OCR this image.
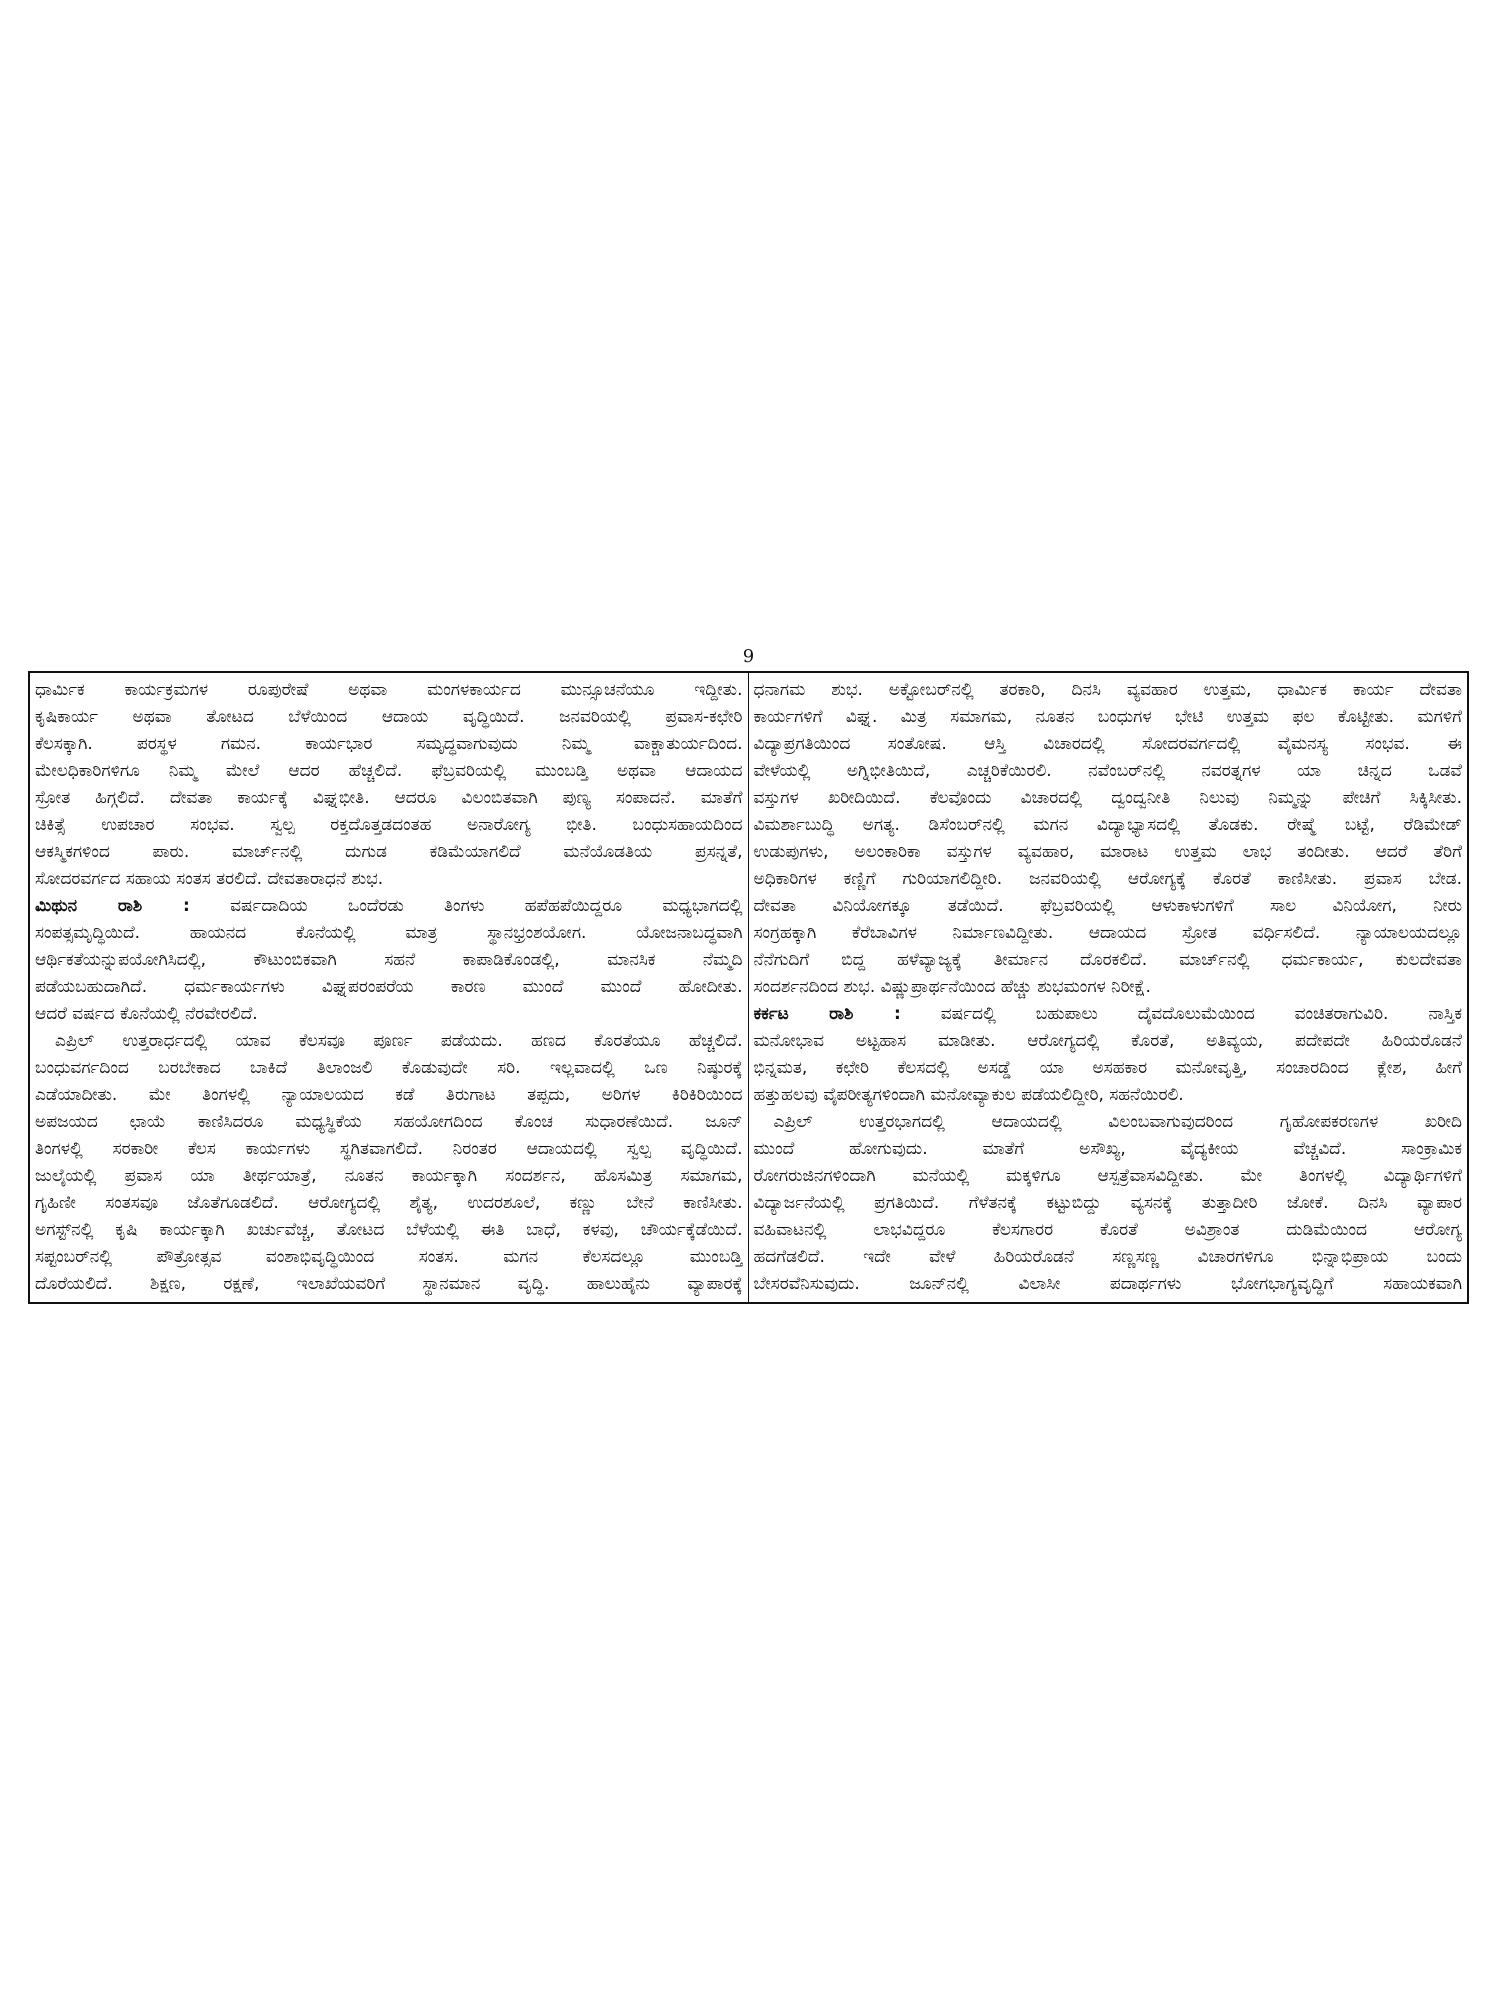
9
ಧಾರ್ಮಿಕ ಕಾರ್ಯಕ್ರಮಗಳ ರೂಪುರೇಷೆ ಅಥವಾ ಮಂಗಳಕಾರ್ಯದ ಮುನ್ಸೂಚನೆಯೂ ಇದ್ದೀತು.
ಕೃಷಿಕಾರ್ಯ ಅಥವಾ ತೋಟದ ಬೆಳೆಯಿಂದ ಆದಾಯ ವೃದ್ಧಿಯಿದೆ. ಜನವರಿಯಲ್ಲಿ ಪ್ರವಾಸ-ಕಛೇರಿ
ಕೆಲಸಕ್ಕಾಗಿ. ಪರಸ್ಥಳ ಗಮನ. ಕಾರ್ಯಭಾರ ಸಮೃದ್ಧವಾಗುವುದು ನಿಮ್ಮ ವಾಕ್ಚಾತುರ್ಯದಿಂದ.
ಮೇಲಧಿಕಾರಿಗಳಿಗೂ ನಿಮ್ಮ ಮೇಲೆ ಆದರ ಹೆಚ್ಚಲಿದೆ. ಫೆಬ್ರವರಿಯಲ್ಲಿ ಮುಂಬಡ್ತಿ ಅಥವಾ ಆದಾಯದ
ಸ್ರೋತ ಹಿಗ್ಗಲಿದೆ. ದೇವತಾ ಕಾರ್ಯಕ್ಕೆ ವಿಘ್ನಭೀತಿ. ಆದರೂ ವಿಲಂಬಿತವಾಗಿ ಪುಣ್ಯ ಸಂಪಾದನೆ. ಮಾತೆಗೆ
ಚಿಕಿತ್ಸೆ ಉಪಚಾರ ಸಂಭವ. ಸ್ವಲ್ಪ ರಕ್ತದೊತ್ತಡದಂತಹ ಅನಾರೋಗ್ಯ ಭೀತಿ. ಬಂಧುಸಹಾಯದಿಂದ
ಆಕಸ್ಮಿಕಗಳಿಂದ ಪಾರು. ಮಾರ್ಚ್‌ನಲ್ಲಿ ದುಗುಡ ಕಡಿಮೆಯಾಗಲಿದೆ ಮನೆಯೊಡತಿಯ ಪ್ರಸನ್ನತೆ,
ಸೋದರವರ್ಗದ ಸಹಾಯ ಸಂತಸ ತರಲಿದೆ. ದೇವತಾರಾಧನೆ ಶುಭ.
ಮಿಥುನ ರಾಶಿ : ವರ್ಷದಾದಿಯ ಒಂದೆರಡು ತಿಂಗಳು ಹಪೆಹಪೆಯಿದ್ದರೂ ಮಧ್ಯಭಾಗದಲ್ಲಿ
ಸಂಪತ್ಸಮೃದ್ಧಿಯಿದೆ. ಹಾಯನದ ಕೊನೆಯಲ್ಲಿ ಮಾತ್ರ ಸ್ಥಾನಭ್ರಂಶಯೋಗ. ಯೋಜನಾಬದ್ಧವಾಗಿ
ಆರ್ಥಿಕತೆಯನ್ನುಪಯೋಗಿಸಿದಲ್ಲಿ, ಕೌಟುಂಬಿಕವಾಗಿ ಸಹನೆ ಕಾಪಾಡಿಕೊಂಡಲ್ಲಿ, ಮಾನಸಿಕ ನೆಮ್ಮದಿ
ಪಡೆಯಬಹುದಾಗಿದೆ. ಧರ್ಮಕಾರ್ಯಗಳು ವಿಘ್ನಪರಂಪರೆಯ ಕಾರಣ ಮುಂದೆ ಮುಂದೆ ಹೋದೀತು.
ಆದರೆ ವರ್ಷದ ಕೊನೆಯಲ್ಲಿ ನೆರವೇರಲಿದೆ.
ಎಪ್ರಿಲ್ ಉತ್ತರಾರ್ಧದಲ್ಲಿ ಯಾವ ಕೆಲಸವೂ ಪೂರ್ಣ ಪಡೆಯದು. ಹಣದ ಕೊರತೆಯೂ ಹೆಚ್ಚಲಿದೆ.
ಬಂಧುವರ್ಗದಿಂದ ಬರಬೇಕಾದ ಬಾಕಿದೆ ತಿಲಾಂಜಲಿ ಕೊಡುವುದೇ ಸರಿ. ಇಲ್ಲವಾದಲ್ಲಿ ಒಣ ನಿಷ್ಠುರಕ್ಕೆ
ಎಡೆಯಾದೀತು. ಮೇ ತಿಂಗಳಲ್ಲಿ ನ್ಯಾಯಾಲಯದ ಕಡೆ ತಿರುಗಾಟ ತಪ್ಪದು, ಅರಿಗಳ ಕಿರಿಕಿರಿಯಿಂದ
ಅಪಜಯದ ಛಾಯೆ ಕಾಣಿಸಿದರೂ ಮಧ್ಯಸ್ಥಿಕೆಯ ಸಹಯೋಗದಿಂದ ಕೊಂಚ ಸುಧಾರಣೆಯಿದೆ. ಜೂನ್
ತಿಂಗಳಲ್ಲಿ ಸರಕಾರೀ ಕೆಲಸ ಕಾರ್ಯಗಳು ಸ್ಥಗಿತವಾಗಲಿದೆ. ನಿರಂತರ ಆದಾಯದಲ್ಲಿ ಸ್ವಲ್ಪ ವೃದ್ಧಿಯಿದೆ.
ಜುಲೈಯಲ್ಲಿ ಪ್ರವಾಸ ಯಾ ತೀರ್ಥಯಾತ್ರೆ, ನೂತನ ಕಾರ್ಯಕ್ಕಾಗಿ ಸಂದರ್ಶನ, ಹೊಸಮಿತ್ರ ಸಮಾಗಮ,
ಗೃಹಿಣೀ ಸಂತಸವೂ ಜೊತೆಗೂಡಲಿದೆ. ಆರೋಗ್ಯದಲ್ಲಿ ಶೈತ್ಯ, ಉದರಶೂಲೆ, ಕಣ್ಣು ಬೇನೆ ಕಾಣಿಸೀತು.
ಅಗಸ್ಟ್‌ನಲ್ಲಿ ಕೃಷಿ ಕಾರ್ಯಕ್ಕಾಗಿ ಖರ್ಚುವೆಚ್ಚ, ತೋಟದ ಬೆಳೆಯಲ್ಲಿ ಈತಿ ಬಾಧೆ, ಕಳವು, ಚೌರ್ಯಕ್ಕೆಡೆಯಿದೆ.
ಸಪ್ಟಂಬರ್‌ನಲ್ಲಿ ಪೌತ್ರೋತ್ಸವ ವಂಶಾಭಿವೃದ್ಧಿಯಿಂದ ಸಂತಸ. ಮಗನ ಕೆಲಸದಲ್ಲೂ ಮುಂಬಡ್ತಿ
ದೊರೆಯಲಿದೆ. ಶಿಕ್ಷಣ, ರಕ್ಷಣೆ, ಇಲಾಖೆಯವರಿಗೆ ಸ್ಥಾನಮಾನ ವೃದ್ಧಿ. ಹಾಲುಹೈನು ವ್ಯಾಪಾರಕ್ಕೆ
ಧನಾಗಮ ಶುಭ. ಅಕ್ಟೋಬರ್‌ನಲ್ಲಿ ತರಕಾರಿ, ದಿನಸಿ ವ್ಯವಹಾರ ಉತ್ತಮ, ಧಾರ್ಮಿಕ ಕಾರ್ಯ ದೇವತಾ
ಕಾರ್ಯಗಳಿಗೆ ವಿಘ್ನ. ಮಿತ್ರ ಸಮಾಗಮ, ನೂತನ ಬಂಧುಗಳ ಭೇಟಿ ಉತ್ತಮ ಫಲ ಕೊಟ್ಟೀತು. ಮಗಳಿಗೆ
ವಿದ್ಯಾಪ್ರಗತಿಯಿಂದ ಸಂತೋಷ. ಆಸ್ತಿ ವಿಚಾರದಲ್ಲಿ ಸೋದರವರ್ಗದಲ್ಲಿ ವೈಮನಸ್ಯ ಸಂಭವ. ಈ
ವೇಳೆಯಲ್ಲಿ ಅಗ್ನಿಭೀತಿಯಿದೆ, ಎಚ್ಚರಿಕೆಯಿರಲಿ. ನವೆಂಬರ್‌ನಲ್ಲಿ ನವರತ್ನಗಳ ಯಾ ಚಿನ್ನದ ಒಡವೆ
ವಸ್ತುಗಳ ಖರೀದಿಯಿದೆ. ಕೆಲವೊಂದು ವಿಚಾರದಲ್ಲಿ ದ್ವಂದ್ವನೀತಿ ನಿಲುವು ನಿಮ್ಮನ್ನು ಪೇಚಿಗೆ ಸಿಕ್ಕಿಸೀತು.
ವಿಮರ್ಶಾಬುದ್ಧಿ ಅಗತ್ಯ. ಡಿಸೆಂಬರ್‌ನಲ್ಲಿ ಮಗನ ವಿದ್ಯಾಭ್ಯಾಸದಲ್ಲಿ ತೊಡಕು. ರೇಷ್ಮೆ ಬಟ್ಟೆ, ರೆಡಿಮೇಡ್
ಉಡುಪುಗಳು, ಅಲಂಕಾರಿಕಾ ವಸ್ತುಗಳ ವ್ಯವಹಾರ, ಮಾರಾಟ ಉತ್ತಮ ಲಾಭ ತಂದೀತು. ಆದರೆ ತೆರಿಗೆ
ಅಧಿಕಾರಿಗಳ ಕಣ್ಣಿಗೆ ಗುರಿಯಾಗಲಿದ್ದೀರಿ. ಜನವರಿಯಲ್ಲಿ ಆರೋಗ್ಯಕ್ಕೆ ಕೊರತೆ ಕಾಣಿಸೀತು. ಪ್ರವಾಸ ಬೇಡ.
ದೇವತಾ ವಿನಿಯೋಗಕ್ಕೂ ತಡೆಯಿದೆ. ಫೆಬ್ರವರಿಯಲ್ಲಿ ಆಳುಕಾಳುಗಳಿಗೆ ಸಾಲ ವಿನಿಯೋಗ, ನೀರು
ಸಂಗ್ರಹಕ್ಕಾಗಿ ಕೆರೆಬಾವಿಗಳ ನಿರ್ಮಾಣವಿದ್ದೀತು. ಆದಾಯದ ಸ್ರೋತ ವರ್ಧಿಸಲಿದೆ. ನ್ಯಾಯಾಲಯದಲ್ಲೂ
ನೆನೆಗುದಿಗೆ ಬಿದ್ದ ಹಳೆವ್ಯಾಜ್ಯಕ್ಕೆ ತೀರ್ಮಾನ ದೊರಕಲಿದೆ. ಮಾರ್ಚ್‌ನಲ್ಲಿ ಧರ್ಮಕಾರ್ಯ, ಕುಲದೇವತಾ
ಸಂದರ್ಶನದಿಂದ ಶುಭ. ವಿಷ್ಣುಪ್ರಾರ್ಥನೆಯಿಂದ ಹೆಚ್ಚು ಶುಭಮಂಗಳ ನಿರೀಕ್ಷೆ.
ಕರ್ಕಟ ರಾಶಿ : ವರ್ಷದಲ್ಲಿ ಬಹುಪಾಲು ದೈವದೊಲುಮೆಯಿಂದ ವಂಚಿತರಾಗುವಿರಿ. ನಾಸ್ತಿಕ
ಮನೋಭಾವ ಅಟ್ಟಹಾಸ ಮಾಡೀತು. ಆರೋಗ್ಯದಲ್ಲಿ ಕೊರತೆ, ಅತಿವ್ಯಯ, ಪದೇಪದೇ ಹಿರಿಯರೊಡನೆ
ಭಿನ್ನಮತ, ಕಛೇರಿ ಕೆಲಸದಲ್ಲಿ ಅಸಡ್ಡೆ ಯಾ ಅಸಹಕಾರ ಮನೋವೃತ್ತಿ, ಸಂಚಾರದಿಂದ ಕ್ಲೇಶ, ಹೀಗೆ
ಹತ್ತುಹಲವು ವೈಪರೀತ್ಯಗಳಿಂದಾಗಿ ಮನೋವ್ಯಾಕುಲ ಪಡೆಯಲಿದ್ದೀರಿ, ಸಹನೆಯಿರಲಿ.
ಎಪ್ರಿಲ್ ಉತ್ತರಭಾಗದಲ್ಲಿ ಆದಾಯದಲ್ಲಿ ವಿಲಂಬವಾಗುವುದರಿಂದ ಗೃಹೋಪಕರಣಗಳ ಖರೀದಿ
ಮುಂದೆ ಹೋಗುವುದು. ಮಾತೆಗೆ ಅಸೌಖ್ಯ, ವೈದ್ಯಕೀಯ ವೆಚ್ಚವಿದೆ. ಸಾಂಕ್ರಾಮಿಕ
ರೋಗರುಜಿನಗಳಿಂದಾಗಿ ಮನೆಯಲ್ಲಿ ಮಕ್ಕಳಿಗೂ ಆಸ್ಪತ್ರೆವಾಸವಿದ್ದೀತು. ಮೇ ತಿಂಗಳಲ್ಲಿ ವಿದ್ಯಾರ್ಥಿಗಳಿಗೆ
ವಿದ್ಯಾರ್ಜನೆಯಲ್ಲಿ ಪ್ರಗತಿಯಿದೆ. ಗೆಳೆತನಕ್ಕೆ ಕಟ್ಟುಬಿದ್ದು ವ್ಯಸನಕ್ಕೆ ತುತ್ತಾದೀರಿ ಜೋಕೆ. ದಿನಸಿ ವ್ಯಾಪಾರ
ವಹಿವಾಟನಲ್ಲಿ ಲಾಭವಿದ್ದರೂ ಕೆಲಸಗಾರರ ಕೊರತೆ ಅವಿಶ್ರಾಂತ ದುಡಿಮೆಯಿಂದ ಆರೋಗ್ಯ
ಹದಗೆಡಲಿದೆ. ಇದೇ ವೇಳೆ ಹಿರಿಯರೊಡನೆ ಸಣ್ಣಸಣ್ಣ ವಿಚಾರಗಳಿಗೂ ಭಿನ್ನಾಭಿಪ್ರಾಯ ಬಂದು
ಬೇಸರವೆನಿಸುವುದು. ಜೂನ್‌ನಲ್ಲಿ ವಿಲಾಸೀ ಪದಾರ್ಥಗಳು ಭೋಗಭಾಗ್ಯವೃದ್ಧಿಗೆ ಸಹಾಯಕವಾಗಿ
